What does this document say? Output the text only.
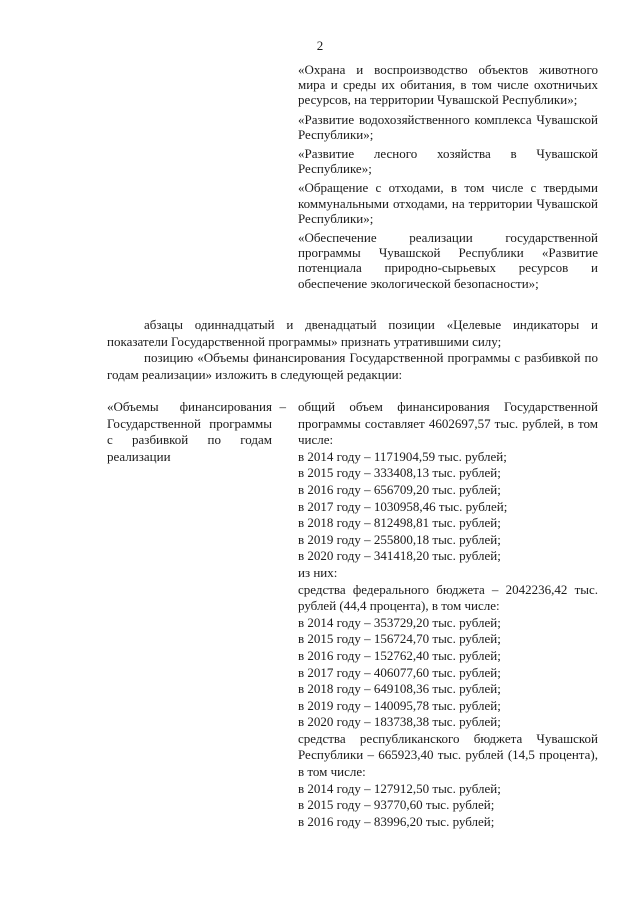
2
«Охрана и воспроизводство объектов животного мира и среды их обитания, в том числе охотничьих ресурсов, на территории Чувашской Республики»;
«Развитие водохозяйственного комплекса Чувашской Республики»;
«Развитие лесного хозяйства в Чувашской Республике»;
«Обращение с отходами, в том числе с твердыми коммунальными отходами, на территории Чувашской Республики»;
«Обеспечение реализации государственной программы Чувашской Республики «Развитие потенциала природно-сырьевых ресурсов и обеспечение экологической безопасности»;

абзацы одиннадцатый и двенадцатый позиции «Целевые индикаторы и показатели Государственной программы» признать утратившими силу;

позицию «Объемы финансирования Государственной программы с разбивкой по годам реализации» изложить в следующей редакции:

«Объемы финансирования Государственной программы с разбивкой по годам реализации
– общий объем финансирования Государственной программы составляет 4602697,57 тыс. рублей, в том числе:
в 2014 году – 1171904,59 тыс. рублей;
в 2015 году – 333408,13 тыс. рублей;
в 2016 году – 656709,20 тыс. рублей;
в 2017 году – 1030958,46 тыс. рублей;
в 2018 году – 812498,81 тыс. рублей;
в 2019 году – 255800,18 тыс. рублей;
в 2020 году – 341418,20 тыс. рублей;
из них:
средства федерального бюджета – 2042236,42 тыс. рублей (44,4 процента), в том числе:
в 2014 году – 353729,20 тыс. рублей;
в 2015 году – 156724,70 тыс. рублей;
в 2016 году – 152762,40 тыс. рублей;
в 2017 году – 406077,60 тыс. рублей;
в 2018 году – 649108,36 тыс. рублей;
в 2019 году – 140095,78 тыс. рублей;
в 2020 году – 183738,38 тыс. рублей;
средства республиканского бюджета Чувашской Республики – 665923,40 тыс. рублей (14,5 процента), в том числе:
в 2014 году – 127912,50 тыс. рублей;
в 2015 году – 93770,60 тыс. рублей;
в 2016 году – 83996,20 тыс. рублей;
